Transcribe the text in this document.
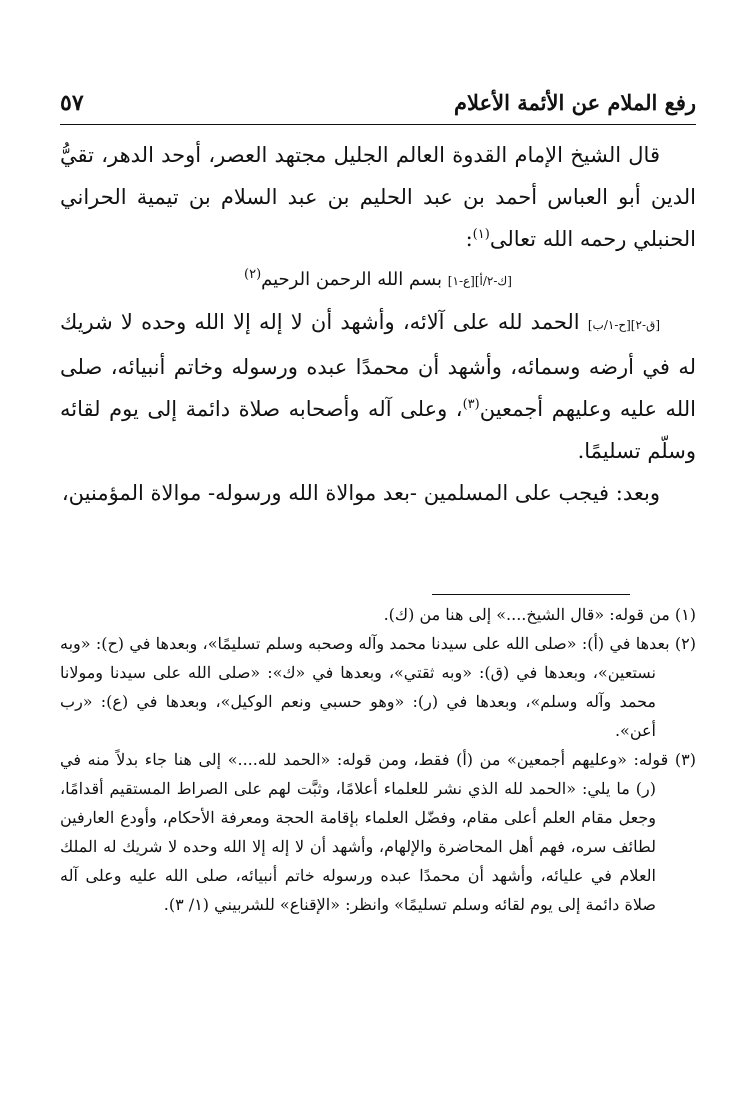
رفع الملام عن الأئمة الأعلام
٥٧

قال الشيخ الإمام القدوة العالم الجليل مجتهد العصر، أوحد الدهر، تقيُّ الدين أبو العباس أحمد بن عبد الحليم بن عبد السلام بن تيمية الحراني الحنبلي رحمه الله تعالى$^{(١)}$:

[ك-٢/أ][ع-١] بسم الله الرحمن الرحيم$^{(٢)}$

[ق-٢][ح-١/ب] الحمد لله على آلائه، وأشهد أن لا إله إلا الله وحده لا شريك له في أرضه وسمائه، وأشهد أن محمدًا عبده ورسوله وخاتم أنبيائه، صلى الله عليه وعليهم أجمعين$^{(٣)}$، وعلى آله وأصحابه صلاة دائمة إلى يوم لقائه وسلّم تسليمًا.

وبعد: فيجب على المسلمين -بعد موالاة الله ورسوله- موالاة المؤمنين،

(١) من قوله: «قال الشيخ....» إلى هنا من (ك).

(٢) بعدها في (أ): «صلى الله على سيدنا محمد وآله وصحبه وسلم تسليمًا»، وبعدها في (ح): «وبه نستعين»، وبعدها في (ق): «وبه ثقتي»، وبعدها في «ك»: «صلى الله على سيدنا ومولانا محمد وآله وسلم»، وبعدها في (ر): «وهو حسبي ونعم الوكيل»، وبعدها في (ع): «رب أعن».

(٣) قوله: «وعليهم أجمعين» من (أ) فقط، ومن قوله: «الحمد لله....» إلى هنا جاء بدلاً منه في (ر) ما يلي: «الحمد لله الذي نشر للعلماء أعلامًا، وثبَّت لهم على الصراط المستقيم أقدامًا، وجعل مقام العلم أعلى مقام، وفضّل العلماء بإقامة الحجة ومعرفة الأحكام، وأودع العارفين لطائف سره، فهم أهل المحاضرة والإلهام، وأشهد أن لا إله إلا الله وحده لا شريك له الملك العلام في عليائه، وأشهد أن محمدًا عبده ورسوله خاتم أنبيائه، صلى الله عليه وعلى آله صلاة دائمة إلى يوم لقائه وسلم تسليمًا» وانظر: «الإقناع» للشربيني (١/ ٣).
